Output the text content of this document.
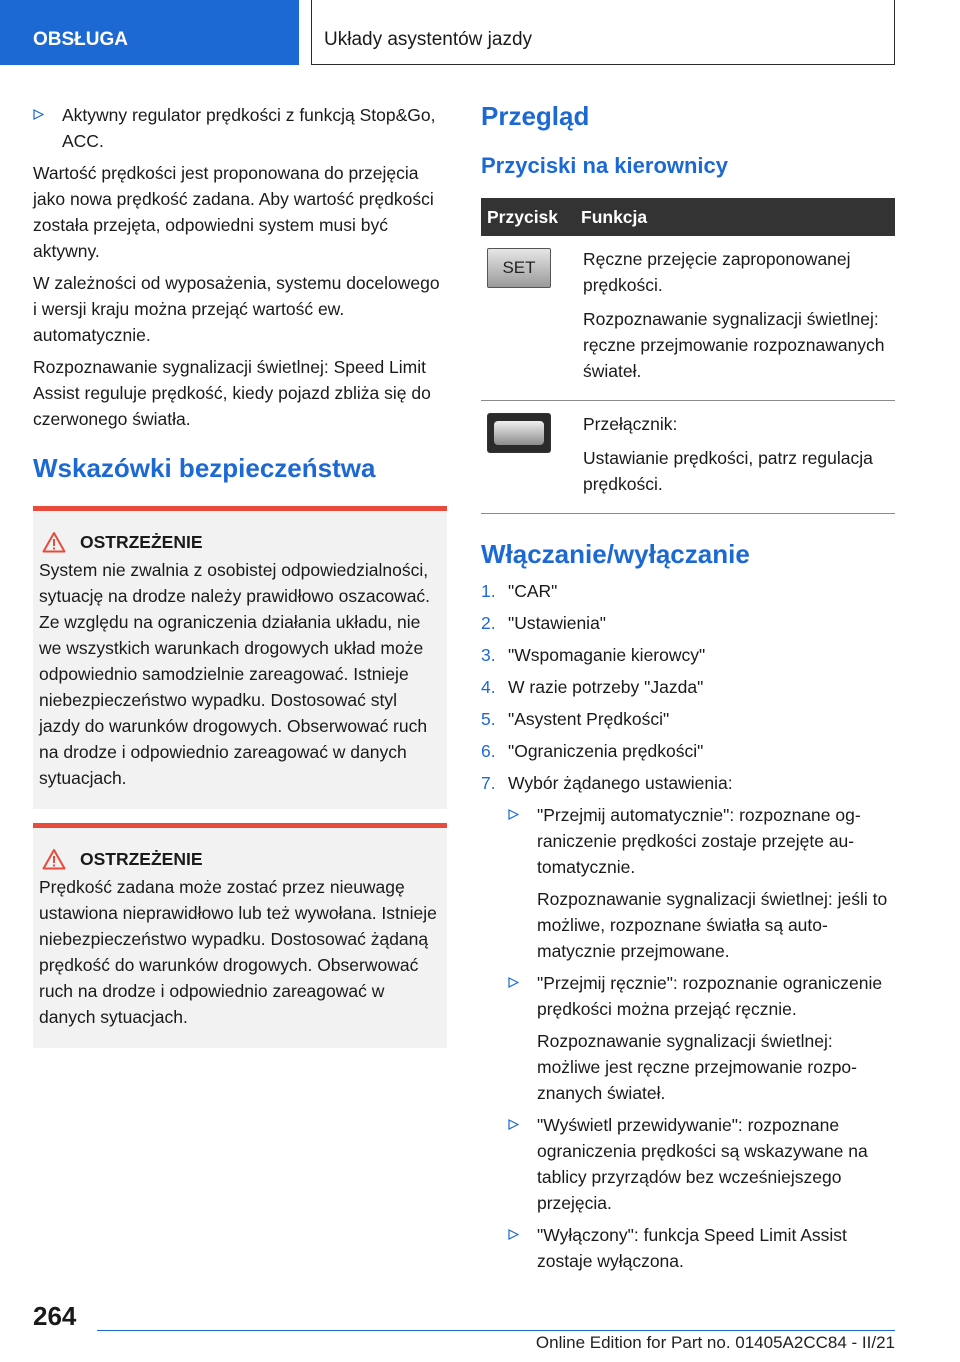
OBSŁUGA	Układy asystentów jazdy
Aktywny regulator prędkości z funkcją Stop&Go, ACC.

Wartość prędkości jest proponowana do przejęcia jako nowa prędkość zadana. Aby wartość prędkości została przejęta, odpowiedni system musi być aktywny.

W zależności od wyposażenia, systemu docelowego i wersji kraju można przejąć wartość ew. automatycznie.

Rozpoznawanie sygnalizacji świetlnej: Speed Limit Assist reguluje prędkość, kiedy pojazd zbliża się do czerwonego światła.

Wskazówki bezpieczeństwa
OSTRZEŻENIE

System nie zwalnia z osobistej odpowiedzialności, sytuację na drodze należy prawidłowo oszacować. Ze względu na ograniczenia działania układu, nie we wszystkich warunkach drogowych układ może odpowiednio samodzielnie zareagować. Istnieje niebezpieczeństwo wypadku. Dostosować styl jazdy do warunków drogowych. Obserwować ruch na drodze i odpowiednio zareagować w danych sytuacjach.

OSTRZEŻENIE

Prędkość zadana może zostać przez nieuwagę ustawiona nieprawidłowo lub też wywołana. Istnieje niebezpieczeństwo wypadku. Dostosować żądaną prędkość do warunków drogowych. Obserwować ruch na drodze i odpowiednio zareagować w danych sytuacjach.

Przegląd
Przyciski na kierownicy
Przycisk	Funkcja

SET	Ręczne przejęcie zaproponowanej prędkości.

Rozpoznawanie sygnalizacji świetlnej: ręczne przejmowanie rozpoznawanych świateł.

	Przełącznik:

Ustawianie prędkości, patrz regulacja prędkości.

Włączanie/wyłączanie
1. "CAR"
2. "Ustawienia"
3. "Wspomaganie kierowcy"
4. W razie potrzeby "Jazda"
5. "Asystent Prędkości"
6. "Ograniczenia prędkości"
7. Wybór żądanego ustawienia:
"Przejmij automatycznie": rozpoznane ograniczenie prędkości zostaje przejęte automatycznie.
Rozpoznawanie sygnalizacji świetlnej: jeśli to możliwe, rozpoznane światła są automatycznie przejmowane.
"Przejmij ręcznie": rozpoznanie ograniczenie prędkości można przejąć ręcznie.
Rozpoznawanie sygnalizacji świetlnej: możliwe jest ręczne przejmowanie rozpoznanych świateł.
"Wyświetl przewidywanie": rozpoznane ograniczenia prędkości są wskazywane na tablicy przyrządów bez wcześniejszego przejęcia.
"Wyłączony": funkcja Speed Limit Assist zostaje wyłączona.
264
Online Edition for Part no. 01405A2CC84 - II/21
